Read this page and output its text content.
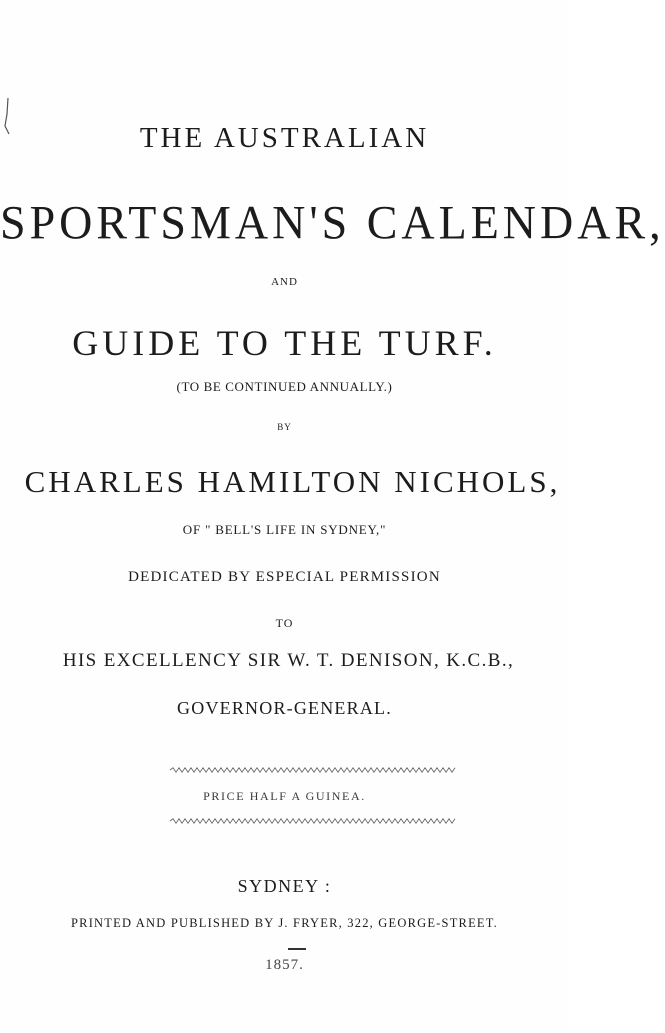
THE AUSTRALIAN
SPORTSMAN'S CALENDAR,
AND
GUIDE TO THE TURF.
(TO BE CONTINUED ANNUALLY.)
BY
CHARLES HAMILTON NICHOLS,
OF " BELL'S LIFE IN SYDNEY,"
DEDICATED BY ESPECIAL PERMISSION
TO
HIS EXCELLENCY SIR W. T. DENISON, K.C.B.,
GOVERNOR-GENERAL.
PRICE HALF A GUINEA.
SYDNEY :
PRINTED AND PUBLISHED BY J. FRYER, 322, GEORGE-STREET.
1857.
